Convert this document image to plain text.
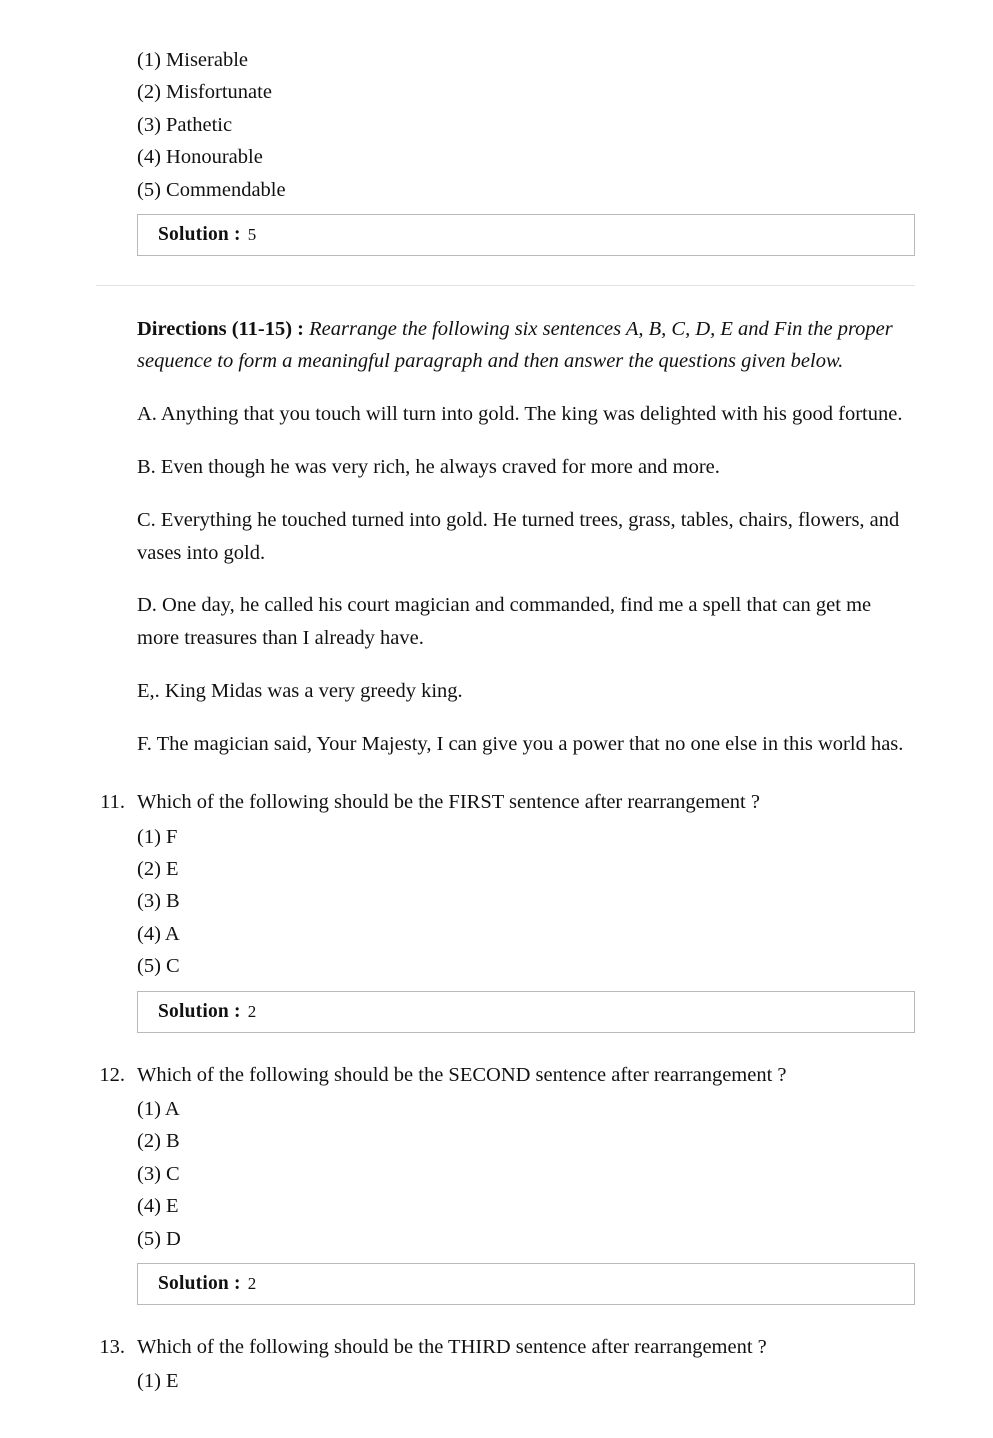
(1) Miserable
(2) Misfortunate
(3) Pathetic
(4) Honourable
(5) Commendable
Solution : 5

Directions (11-15) : Rearrange the following six sentences A, B, C, D, E and Fin the proper sequence to form a meaningful paragraph and then answer the questions given below.

A. Anything that you touch will turn into gold. The king was delighted with his good fortune.

B. Even though he was very rich, he always craved for more and more.

C. Everything he touched turned into gold. He turned trees, grass, tables, chairs, flowers, and vases into gold.

D. One day, he called his court magician and commanded, find me a spell that can get me more treasures than I already have.

E,. King Midas was a very greedy king.

F. The magician said, Your Majesty, I can give you a power that no one else in this world has.

11. Which of the following should be the FIRST sentence after rearrangement ?
(1) F
(2) E
(3) B
(4) A
(5) C
Solution : 2
12. Which of the following should be the SECOND sentence after rearrangement ?
(1) A
(2) B
(3) C
(4) E
(5) D
Solution : 2
13. Which of the following should be the THIRD sentence after rearrangement ?
(1) E
